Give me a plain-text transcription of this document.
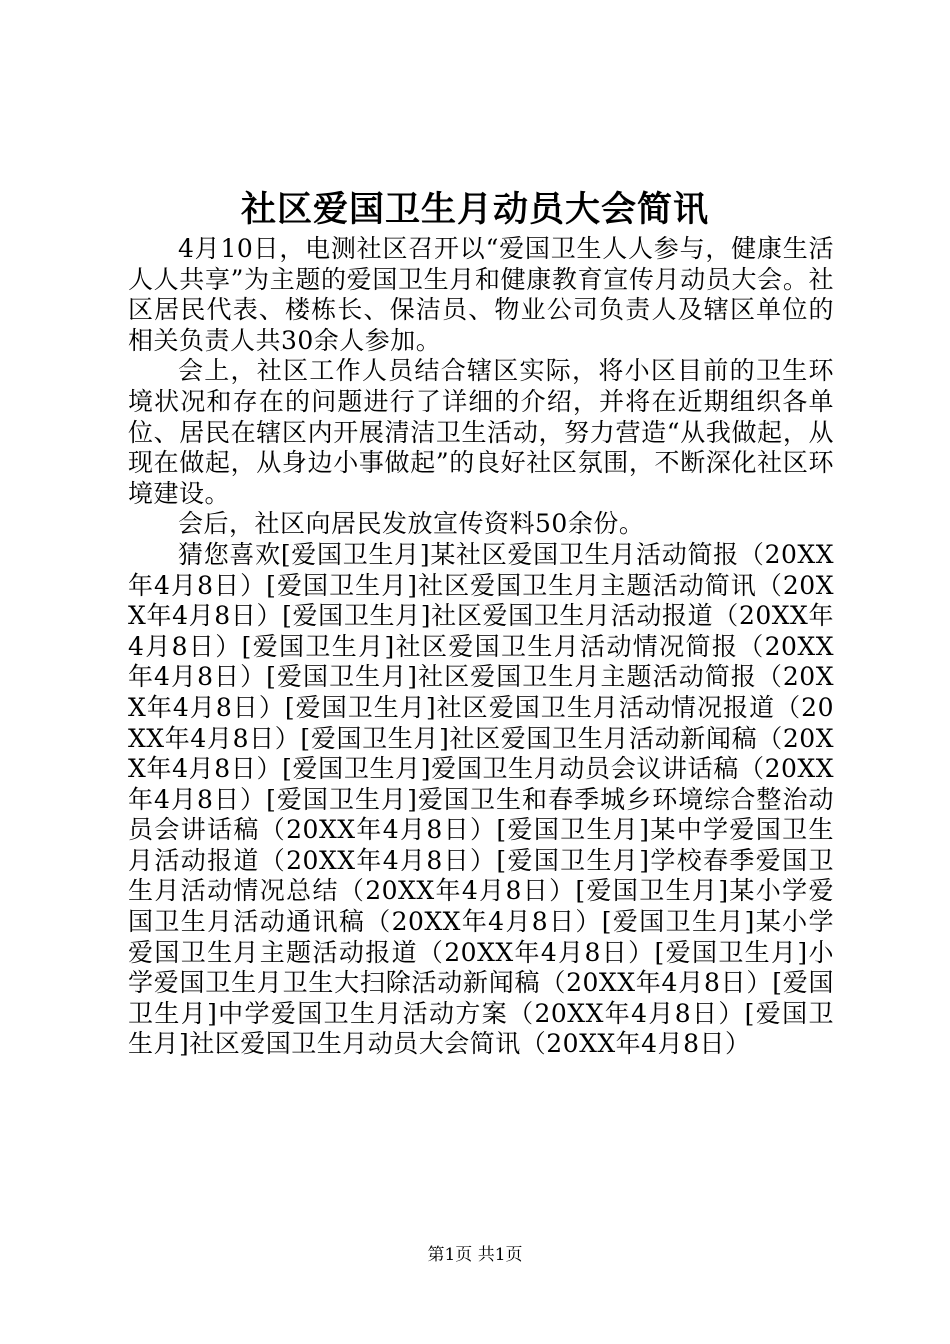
社区爱国卫生月动员大会简讯

4月10日，电测社区召开以“爱国卫生人人参与，健康生活人人共享”为主题的爱国卫生月和健康教育宣传月动员大会。社区居民代表、楼栋长、保洁员、物业公司负责人及辖区单位的相关负责人共30余人参加。

会上，社区工作人员结合辖区实际，将小区目前的卫生环境状况和存在的问题进行了详细的介绍，并将在近期组织各单位、居民在辖区内开展清洁卫生活动，努力营造“从我做起，从现在做起，从身边小事做起”的良好社区氛围，不断深化社区环境建设。

会后，社区向居民发放宣传资料50余份。

猜您喜欢[爱国卫生月]某社区爱国卫生月活动简报（20XX年4月8日）[爱国卫生月]社区爱国卫生月主题活动简讯（20XX年4月8日）[爱国卫生月]社区爱国卫生月活动报道（20XX年4月8日）[爱国卫生月]社区爱国卫生月活动情况简报（20XX年4月8日）[爱国卫生月]社区爱国卫生月主题活动简报（20XX年4月8日）[爱国卫生月]社区爱国卫生月活动情况报道（20XX年4月8日）[爱国卫生月]社区爱国卫生月活动新闻稿（20XX年4月8日）[爱国卫生月]爱国卫生月动员会议讲话稿（20XX年4月8日）[爱国卫生月]爱国卫生和春季城乡环境综合整治动员会讲话稿（20XX年4月8日）[爱国卫生月]某中学爱国卫生月活动报道（20XX年4月8日）[爱国卫生月]学校春季爱国卫生月活动情况总结（20XX年4月8日）[爱国卫生月]某小学爱国卫生月活动通讯稿（20XX年4月8日）[爱国卫生月]某小学爱国卫生月主题活动报道（20XX年4月8日）[爱国卫生月]小学爱国卫生月卫生大扫除活动新闻稿（20XX年4月8日）[爱国卫生月]中学爱国卫生月活动方案（20XX年4月8日）[爱国卫生月]社区爱国卫生月动员大会简讯（20XX年4月8日）

第1页 共1页
